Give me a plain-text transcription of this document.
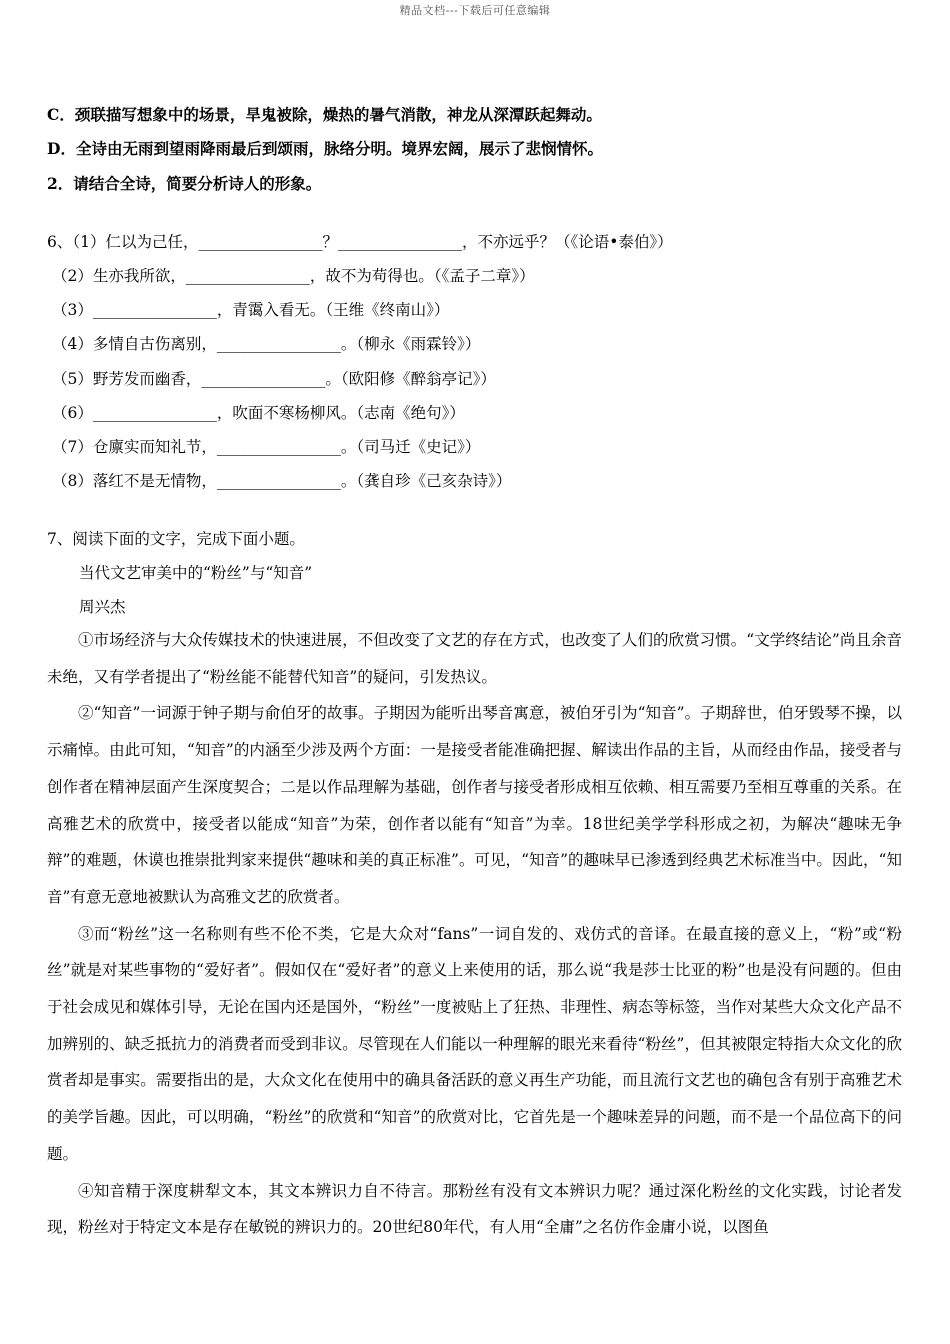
精品文档---下载后可任意编辑
C．颈联描写想象中的场景，旱鬼被除，燥热的暑气消散，神龙从深潭跃起舞动。
D．全诗由无雨到望雨降雨最后到颂雨，脉络分明。境界宏阔，展示了悲悯情怀。
2．请结合全诗，简要分析诗人的形象。
6、（1）仁以为己任，________________？________________，不亦远乎？（《论语•泰伯》）
（2）生亦我所欲，________________，故不为苟得也。（《孟子二章》）
（3）________________，青霭入看无。（王维《终南山》）
（4）多情自古伤离别，________________。（柳永《雨霖铃》）
（5）野芳发而幽香，________________。（欧阳修《醉翁亭记》）
（6）________________，吹面不寒杨柳风。（志南《绝句》）
（7）仓廪实而知礼节，________________。（司马迁《史记》）
（8）落红不是无情物，________________。（龚自珍《己亥杂诗》）
7、阅读下面的文字，完成下面小题。
当代文艺审美中的“粉丝”与“知音”
周兴杰

①市场经济与大众传媒技术的快速进展，不但改变了文艺的存在方式，也改变了人们的欣赏习惯。“文学终结论”尚且余音未绝，又有学者提出了“粉丝能不能替代知音”的疑问，引发热议。

②“知音”一词源于钟子期与俞伯牙的故事。子期因为能听出琴音寓意，被伯牙引为“知音”。子期辞世，伯牙毁琴不操，以示痛悼。由此可知，“知音”的内涵至少涉及两个方面：一是接受者能准确把握、解读出作品的主旨，从而经由作品，接受者与创作者在精神层面产生深度契合；二是以作品理解为基础，创作者与接受者形成相互依赖、相互需要乃至相互尊重的关系。在高雅艺术的欣赏中，接受者以能成“知音”为荣，创作者以能有“知音”为幸。18世纪美学学科形成之初，为解决“趣味无争辩”的难题，休谟也推崇批判家来提供“趣味和美的真正标准”。可见，“知音”的趣味早已渗透到经典艺术标准当中。因此，“知音”有意无意地被默认为高雅文艺的欣赏者。

③而“粉丝”这一名称则有些不伦不类，它是大众对“fans”一词自发的、戏仿式的音译。在最直接的意义上，“粉”或“粉丝”就是对某些事物的“爱好者”。假如仅在“爱好者”的意义上来使用的话，那么说“我是莎士比亚的粉”也是没有问题的。但由于社会成见和媒体引导，无论在国内还是国外，“粉丝”一度被贴上了狂热、非理性、病态等标签，当作对某些大众文化产品不加辨别的、缺乏抵抗力的消费者而受到非议。尽管现在人们能以一种理解的眼光来看待“粉丝”，但其被限定特指大众文化的欣赏者却是事实。需要指出的是，大众文化在使用中的确具备活跃的意义再生产功能，而且流行文艺也的确包含有别于高雅艺术的美学旨趣。因此，可以明确，“粉丝”的欣赏和“知音”的欣赏对比，它首先是一个趣味差异的问题，而不是一个品位高下的问题。

④知音精于深度耕犁文本，其文本辨识力自不待言。那粉丝有没有文本辨识力呢？通过深化粉丝的文化实践，讨论者发现，粉丝对于特定文本是存在敏锐的辨识力的。20世纪80年代，有人用“全庸”之名仿作金庸小说，以图鱼
